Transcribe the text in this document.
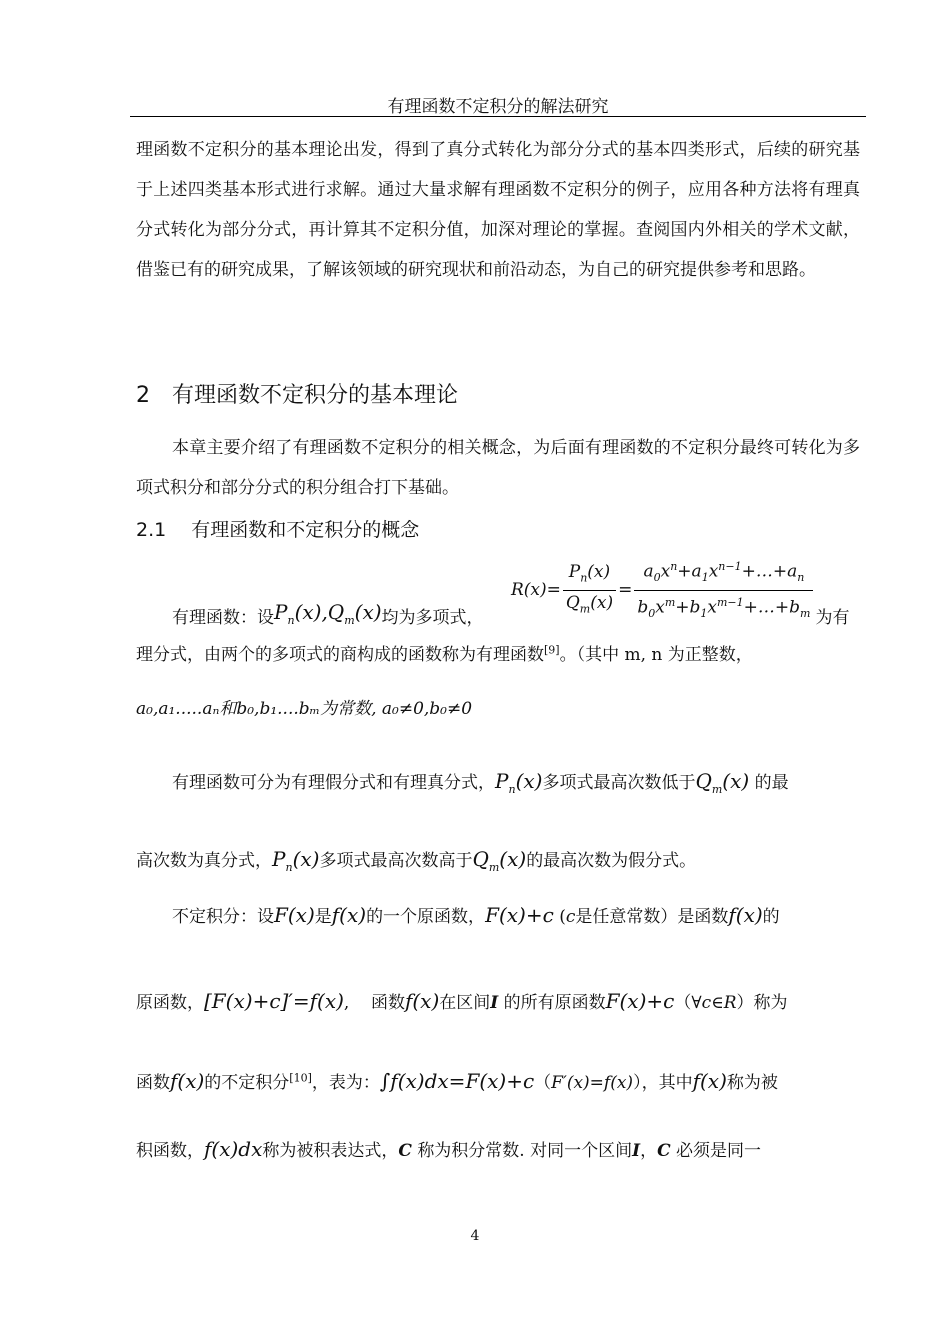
有理函数不定积分的解法研究

理函数不定积分的基本理论出发，得到了真分式转化为部分分式的基本四类形式，后续的研究基于上述四类基本形式进行求解。通过大量求解有理函数不定积分的例子，应用各种方法将有理真分式转化为部分分式，再计算其不定积分值，加深对理论的掌握。查阅国内外相关的学术文献，借鉴已有的研究成果，了解该领域的研究现状和前沿动态，为自己的研究提供参考和思路。

2　有理函数不定积分的基本理论

本章主要介绍了有理函数不定积分的相关概念，为后面有理函数的不定积分最终可转化为多项式积分和部分分式的积分组合打下基础。

2.1　 有理函数和不定积分的概念
有理函数：设$P_n(x),Q_m(x)$均为多项式， $R(x)= \frac{P_n(x)}{Q_m(x)} = \frac{a_0x^n+a_1x^{n-1}+\dots+a_n}{b_0x^m+b_1x^{m-1}+\dots+b_m}$ 为有
理分式，由两个的多项式的商构成的函数称为有理函数[9]。（其中 m, n 为正整数，
a₀,a₁.....aₙ和b₀,b₁....bₘ为常数, a₀≠0,b₀≠0
有理函数可分为有理假分式和有理真分式，$P_n(x)$多项式最高次数低于$Q_m(x)$ 的最
高次数为真分式，$P_n(x)$多项式最高次数高于$Q_m(x)$的最高次数为假分式。
不定积分：设F(x)是f(x)的一个原函数，F(x)+c (c是任意常数）是函数f(x)的
原函数，[F(x)+c]′=f(x),    函数f(x)在区间I 的所有原函数F(x)+c（∀c∈R）称为
函数f(x)的不定积分[10]，表为：∫f(x)dx=F(x)+c（F′(x)=f(x)），其中f(x)称为被
积函数，f(x)dx称为被积表达式，C 称为积分常数. 对同一个区间I，C 必须是同一
4
